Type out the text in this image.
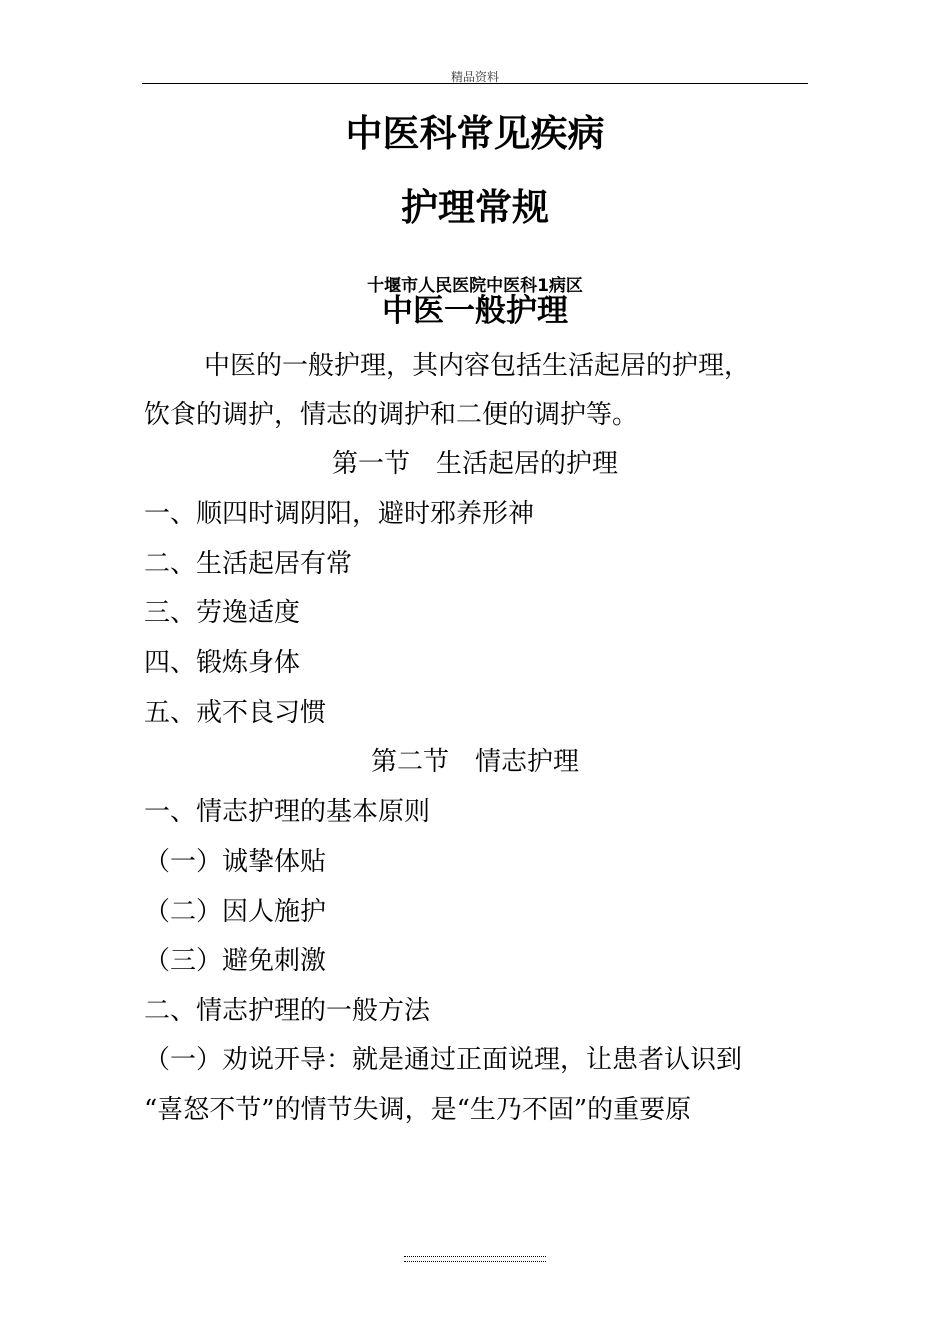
精品资料
中医科常见疾病
护理常规
十堰市人民医院中医科1病区
中医一般护理
中医的一般护理，其内容包括生活起居的护理，
饮食的调护，情志的调护和二便的调护等。
第一节　生活起居的护理
一、顺四时调阴阳，避时邪养形神
二、生活起居有常
三、劳逸适度
四、锻炼身体
五、戒不良习惯
第二节　情志护理
一、情志护理的基本原则
（一）诚挚体贴
（二）因人施护
（三）避免刺激
二、情志护理的一般方法
（一）劝说开导：就是通过正面说理，让患者认识到
“喜怒不节”的情节失调，是“生乃不固”的重要原
